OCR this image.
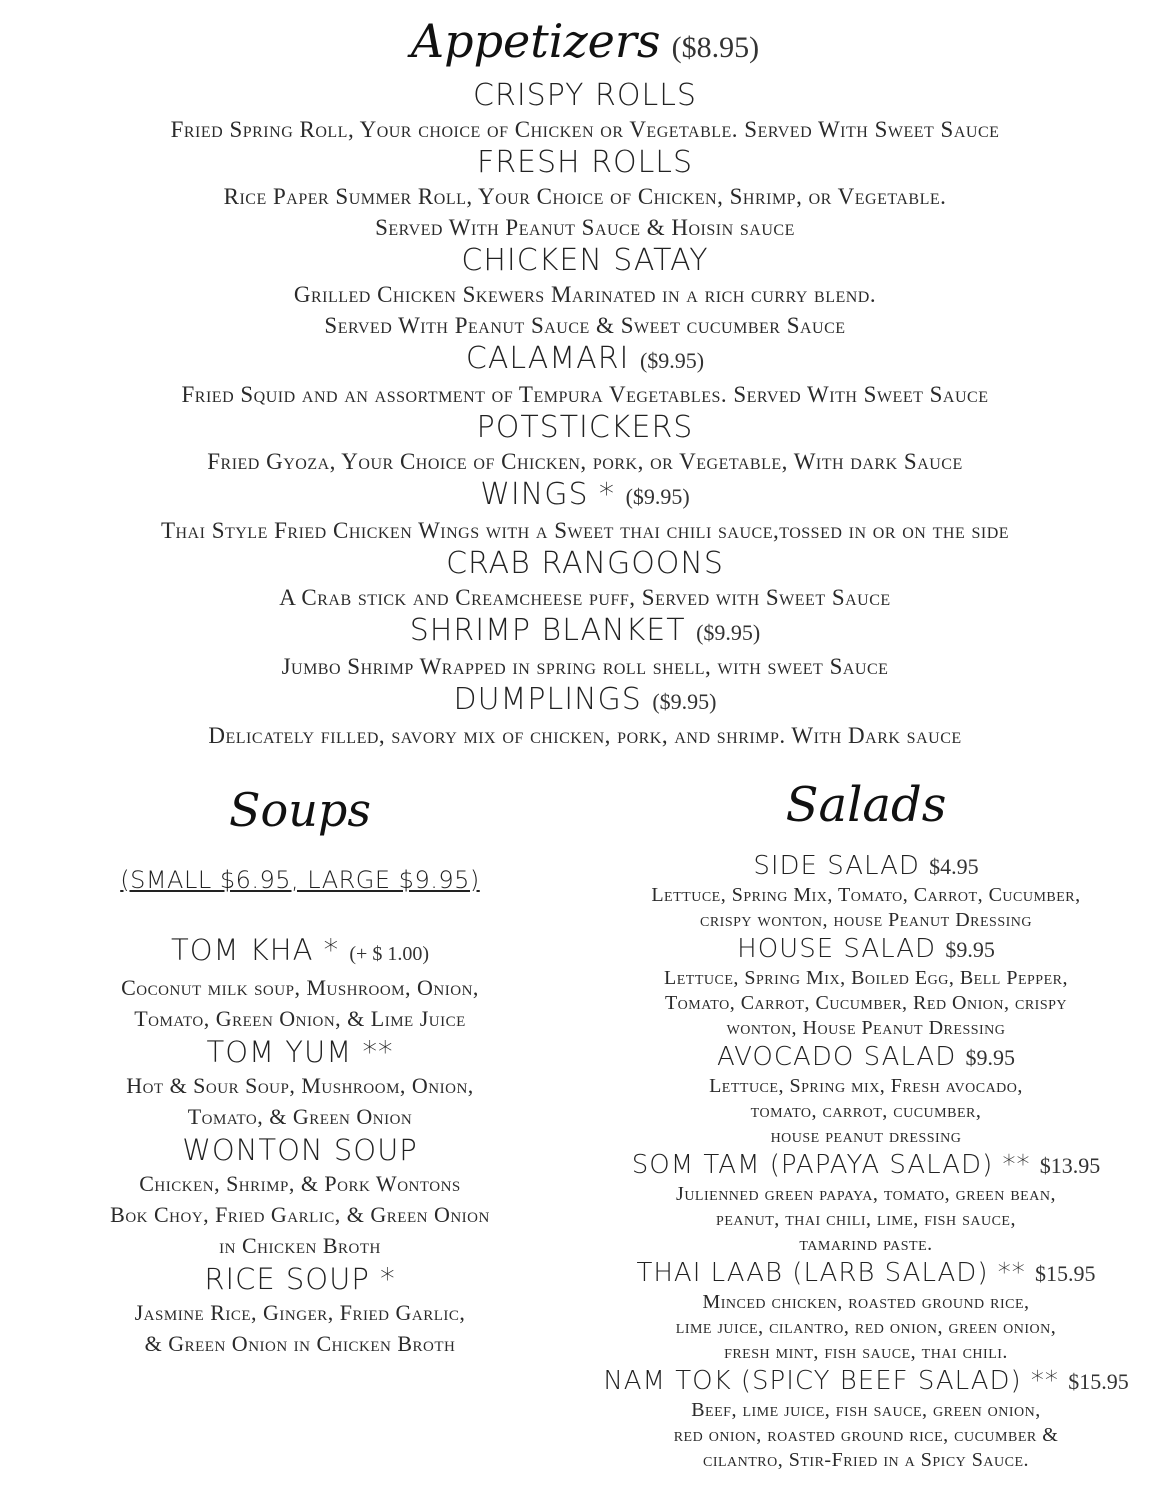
Appetizers ($8.95)
CRISPY ROLLS
Fried Spring Roll, Your choice of Chicken or Vegetable. Served With Sweet Sauce
FRESH ROLLS
Rice Paper Summer Roll, Your Choice of Chicken, Shrimp, or Vegetable.
Served With Peanut Sauce & Hoisin sauce
CHICKEN SATAY
Grilled Chicken Skewers Marinated in a rich curry blend.
Served With Peanut Sauce & Sweet cucumber Sauce
CALAMARI ($9.95)
Fried Squid and an assortment of Tempura Vegetables. Served With Sweet Sauce
POTSTICKERS
Fried Gyoza, Your Choice of Chicken, pork, or Vegetable, With dark Sauce
WINGS * ($9.95)
Thai Style Fried Chicken Wings with a Sweet thai chili sauce,tossed in or on the side
CRAB RANGOONS
A Crab stick and Creamcheese puff, Served with Sweet Sauce
SHRIMP BLANKET ($9.95)
Jumbo Shrimp Wrapped in spring roll shell, with sweet Sauce
DUMPLINGS ($9.95)
Delicately filled, savory mix of chicken, pork, and shrimp. With Dark sauce
Soups
(SMALL $6.95, LARGE $9.95)
TOM KHA * (+ $ 1.00)
Coconut milk soup, Mushroom, Onion,
Tomato, Green Onion, & Lime Juice
TOM YUM **
Hot & Sour Soup, Mushroom, Onion,
Tomato, & Green Onion
WONTON SOUP
Chicken, Shrimp, & Pork Wontons
Bok Choy, Fried Garlic, & Green Onion
in Chicken Broth
RICE SOUP *
Jasmine Rice, Ginger, Fried Garlic,
& Green Onion in Chicken Broth
Salads
SIDE SALAD $4.95
Lettuce, Spring Mix, Tomato, Carrot, Cucumber,
crispy wonton, house Peanut Dressing
HOUSE SALAD $9.95
Lettuce, Spring Mix, Boiled Egg, Bell Pepper,
Tomato, Carrot, Cucumber, Red Onion, crispy
wonton, House Peanut Dressing
AVOCADO SALAD $9.95
Lettuce, Spring mix, Fresh avocado,
tomato, carrot, cucumber,
house peanut dressing
SOM TAM (PAPAYA SALAD) ** $13.95
Julienned green papaya, tomato, green bean,
peanut, thai chili, lime, fish sauce,
tamarind paste.
THAI LAAB (LARB SALAD) ** $15.95
Minced chicken, roasted ground rice,
lime juice, cilantro, red onion, green onion,
fresh mint, fish sauce, thai chili.
NAM TOK (SPICY BEEF SALAD) ** $15.95
Beef, lime juice, fish sauce, green onion,
red onion, roasted ground rice, cucumber &
cilantro, Stir-Fried in a Spicy Sauce.
